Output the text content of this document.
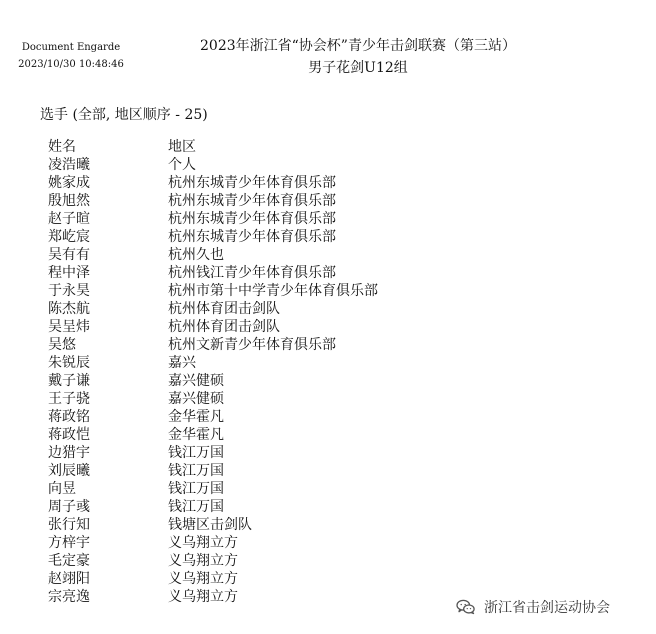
Document Engarde
2023/10/30 10:48:46
2023年浙江省“协会杯”青少年击剑联赛（第三站）
男子花剑U12组
选手 (全部, 地区顺序 - 25)
姓名	地区
凌浩曦	个人
姚家成	杭州东城青少年体育俱乐部
殷旭然	杭州东城青少年体育俱乐部
赵子暄	杭州东城青少年体育俱乐部
郑屹宸	杭州东城青少年体育俱乐部
吴有有	杭州久也
程中泽	杭州钱江青少年体育俱乐部
于永昊	杭州市第十中学青少年体育俱乐部
陈杰航	杭州体育团击剑队
吴呈炜	杭州体育团击剑队
吴悠	杭州文新青少年体育俱乐部
朱锐辰	嘉兴
戴子谦	嘉兴健硕
王子骁	嘉兴健硕
蒋政铭	金华霍凡
蒋政恺	金华霍凡
边猎宇	钱江万国
刘辰曦	钱江万国
向昱	钱江万国
周子彧	钱江万国
张行知	钱塘区击剑队
方梓宇	义乌翔立方
毛定豪	义乌翔立方
赵翊阳	义乌翔立方
宗亮逸	义乌翔立方
浙江省击剑运动协会
